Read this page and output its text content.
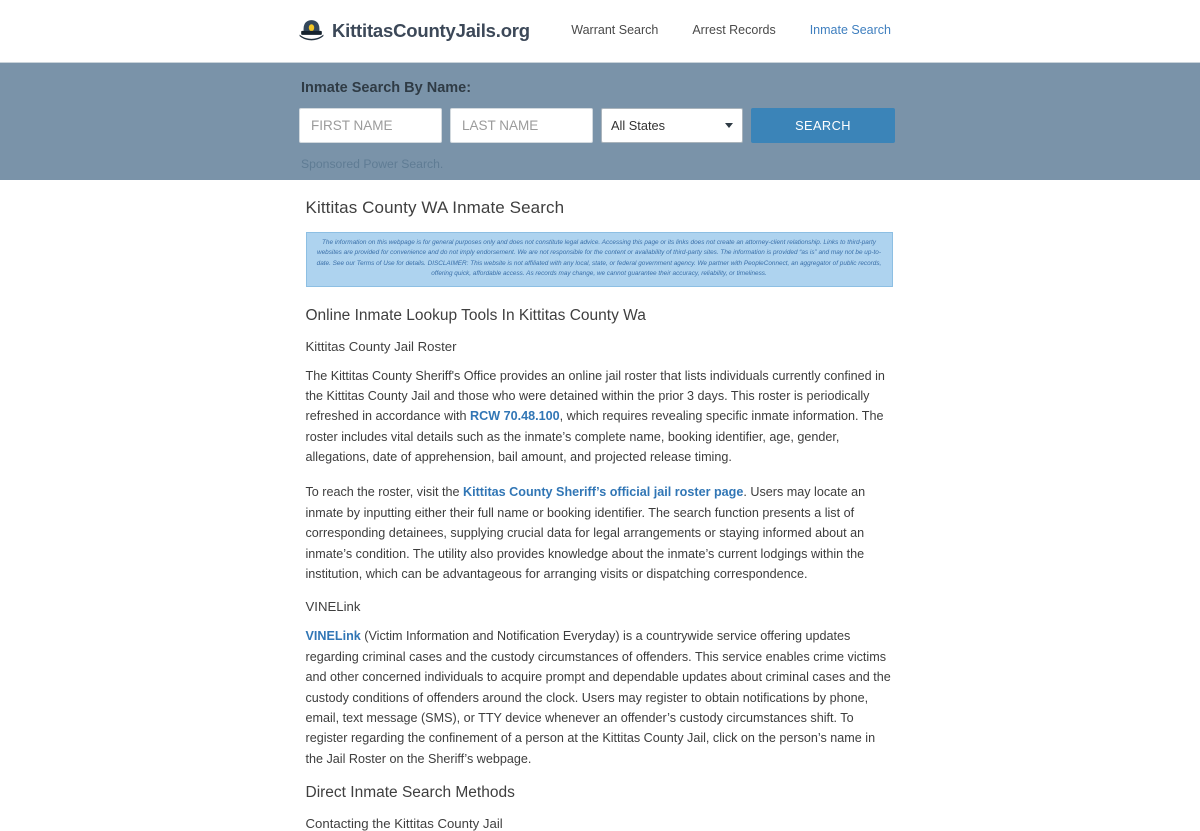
KittitasCountyJails.org	Warrant Search	Arrest Records	Inmate Search
Inmate Search By Name:
FIRST NAME
LAST NAME
All States
SEARCH
Sponsored Power Search.
Kittitas County WA Inmate Search
The information on this webpage is for general purposes only and does not constitute legal advice. Accessing this page or its links does not create an attorney-client relationship. Links to third-party websites are provided for convenience and do not imply endorsement. We are not responsible for the content or availability of third-party sites. The information is provided “as is” and may not be up-to-date. See our Terms of Use for details. DISCLAIMER: This website is not affiliated with any local, state, or federal government agency. We partner with PeopleConnect, an aggregator of public records, offering quick, affordable access. As records may change, we cannot guarantee their accuracy, reliability, or timeliness.
Online Inmate Lookup Tools In Kittitas County Wa
Kittitas County Jail Roster

The Kittitas County Sheriff's Office provides an online jail roster that lists individuals currently confined in the Kittitas County Jail and those who were detained within the prior 3 days. This roster is periodically refreshed in accordance with RCW 70.48.100, which requires revealing specific inmate information. The roster includes vital details such as the inmate’s complete name, booking identifier, age, gender, allegations, date of apprehension, bail amount, and projected release timing.

To reach the roster, visit the Kittitas County Sheriff’s official jail roster page. Users may locate an inmate by inputting either their full name or booking identifier. The search function presents a list of corresponding detainees, supplying crucial data for legal arrangements or staying informed about an inmate’s condition. The utility also provides knowledge about the inmate’s current lodgings within the institution, which can be advantageous for arranging visits or dispatching correspondence.

VINELink

VINELink (Victim Information and Notification Everyday) is a countrywide service offering updates regarding criminal cases and the custody circumstances of offenders. This service enables crime victims and other concerned individuals to acquire prompt and dependable updates about criminal cases and the custody conditions of offenders around the clock. Users may register to obtain notifications by phone, email, text message (SMS), or TTY device whenever an offender’s custody circumstances shift. To register regarding the confinement of a person at the Kittitas County Jail, click on the person’s name in the Jail Roster on the Sheriff’s webpage.

Direct Inmate Search Methods
Contacting the Kittitas County Jail
